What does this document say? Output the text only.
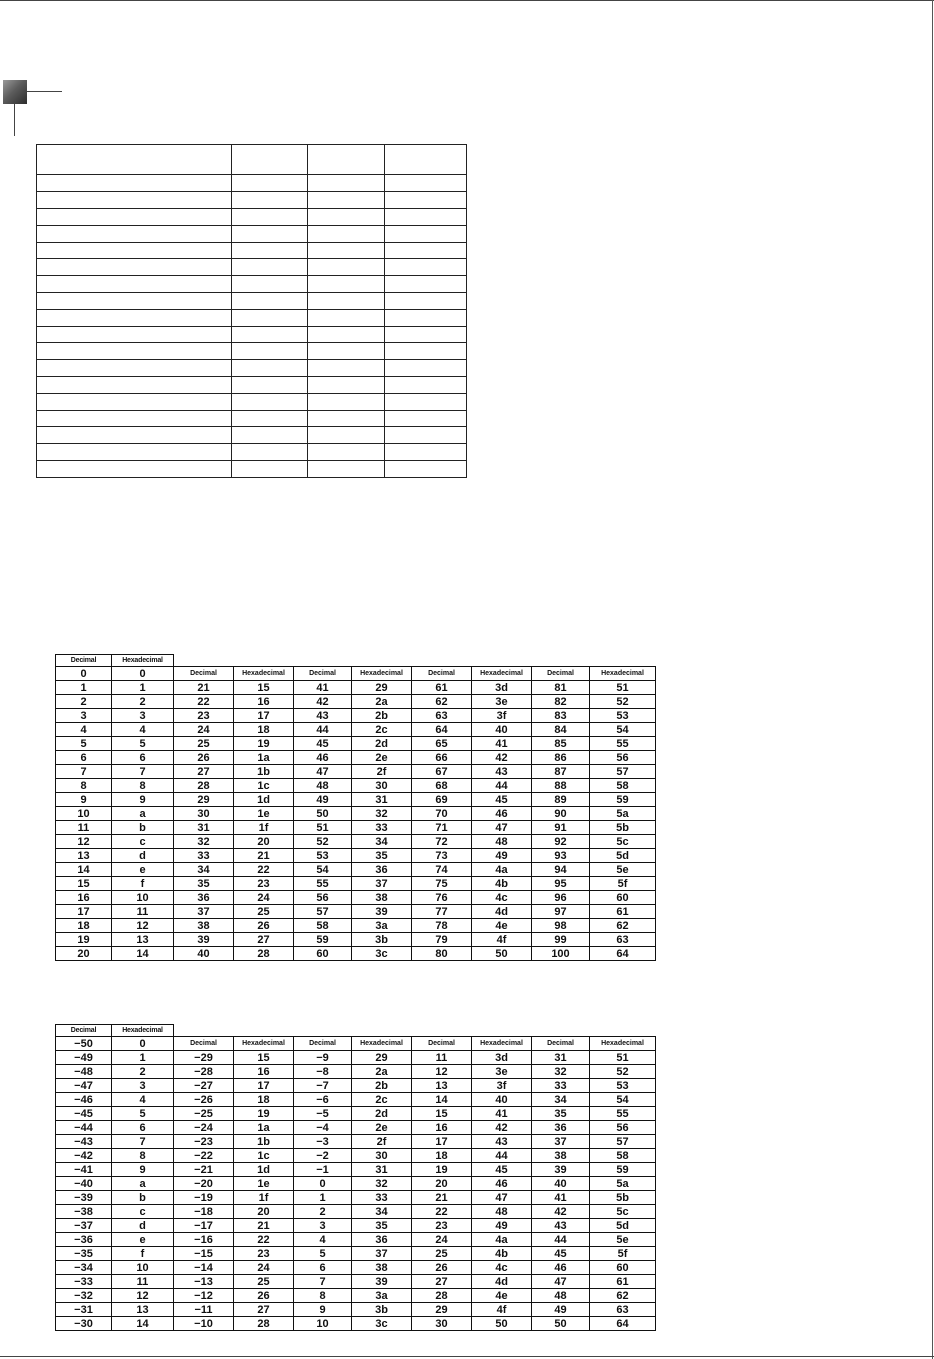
Decimal	Hexadecimal								
0	0	Decimal	Hexadecimal	Decimal	Hexadecimal	Decimal	Hexadecimal	Decimal	Hexadecimal
1	1	21	15	41	29	61	3d	81	51
2	2	22	16	42	2a	62	3e	82	52
3	3	23	17	43	2b	63	3f	83	53
4	4	24	18	44	2c	64	40	84	54
5	5	25	19	45	2d	65	41	85	55
6	6	26	1a	46	2e	66	42	86	56
7	7	27	1b	47	2f	67	43	87	57
8	8	28	1c	48	30	68	44	88	58
9	9	29	1d	49	31	69	45	89	59
10	a	30	1e	50	32	70	46	90	5a
11	b	31	1f	51	33	71	47	91	5b
12	c	32	20	52	34	72	48	92	5c
13	d	33	21	53	35	73	49	93	5d
14	e	34	22	54	36	74	4a	94	5e
15	f	35	23	55	37	75	4b	95	5f
16	10	36	24	56	38	76	4c	96	60
17	11	37	25	57	39	77	4d	97	61
18	12	38	26	58	3a	78	4e	98	62
19	13	39	27	59	3b	79	4f	99	63
20	14	40	28	60	3c	80	50	100	64
Decimal	Hexadecimal								
−50	0	Decimal	Hexadecimal	Decimal	Hexadecimal	Decimal	Hexadecimal	Decimal	Hexadecimal
−49	1	−29	15	−9	29	11	3d	31	51
−48	2	−28	16	−8	2a	12	3e	32	52
−47	3	−27	17	−7	2b	13	3f	33	53
−46	4	−26	18	−6	2c	14	40	34	54
−45	5	−25	19	−5	2d	15	41	35	55
−44	6	−24	1a	−4	2e	16	42	36	56
−43	7	−23	1b	−3	2f	17	43	37	57
−42	8	−22	1c	−2	30	18	44	38	58
−41	9	−21	1d	−1	31	19	45	39	59
−40	a	−20	1e	0	32	20	46	40	5a
−39	b	−19	1f	1	33	21	47	41	5b
−38	c	−18	20	2	34	22	48	42	5c
−37	d	−17	21	3	35	23	49	43	5d
−36	e	−16	22	4	36	24	4a	44	5e
−35	f	−15	23	5	37	25	4b	45	5f
−34	10	−14	24	6	38	26	4c	46	60
−33	11	−13	25	7	39	27	4d	47	61
−32	12	−12	26	8	3a	28	4e	48	62
−31	13	−11	27	9	3b	29	4f	49	63
−30	14	−10	28	10	3c	30	50	50	64
